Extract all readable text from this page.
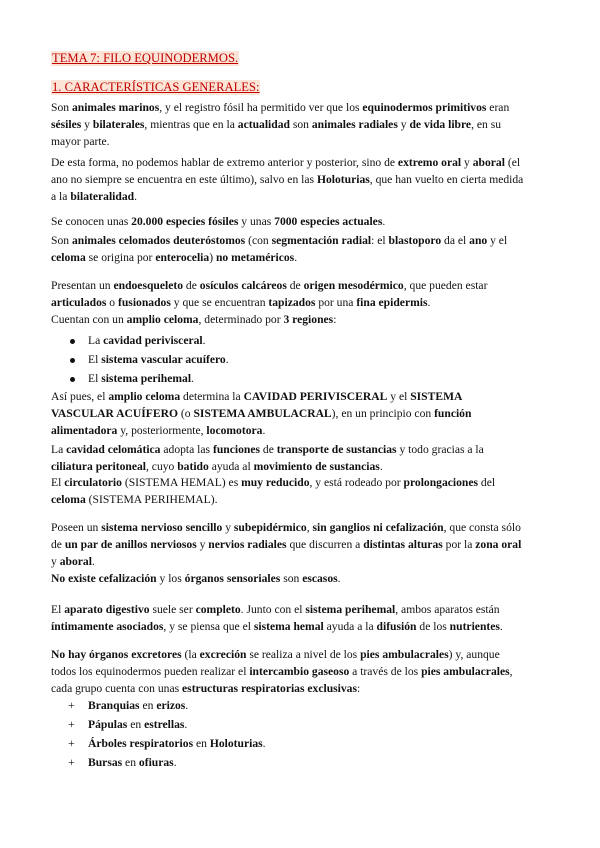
TEMA 7: FILO EQUINODERMOS.
1. CARACTERÍSTICAS GENERALES:
Son animales marinos, y el registro fósil ha permitido ver que los equinodermos primitivos eran
sésiles y bilaterales, mientras que en la actualidad son animales radiales y de vida libre, en su
mayor parte.
De esta forma, no podemos hablar de extremo anterior y posterior, sino de extremo oral y aboral (el
ano no siempre se encuentra en este último), salvo en las Holoturias, que han vuelto en cierta medida
a la bilateralidad.
Se conocen unas 20.000 especies fósiles y unas 7000 especies actuales.
Son animales celomados deuteróstomos (con segmentación radial: el blastoporo da el ano y el
celoma se origina por enterocelia) no metaméricos.
Presentan un endoesqueleto de osículos calcáreos de origen mesodérmico, que pueden estar
articulados o fusionados y que se encuentran tapizados por una fina epidermis.
Cuentan con un amplio celoma, determinado por 3 regiones:
Así pues, el amplio celoma determina la CAVIDAD PERIVISCERAL y el SISTEMA
VASCULAR ACUÍFERO (o SISTEMA AMBULACRAL), en un principio con función
alimentadora y, posteriormente, locomotora.
La cavidad celomática adopta las funciones de transporte de sustancias y todo gracias a la
ciliatura peritoneal, cuyo batido ayuda al movimiento de sustancias.
El circulatorio (SISTEMA HEMAL) es muy reducido, y está rodeado por prolongaciones del
celoma (SISTEMA PERIHEMAL).
Poseen un sistema nervioso sencillo y subepidérmico, sin ganglios ni cefalización, que consta sólo
de un par de anillos nerviosos y nervios radiales que discurren a distintas alturas por la zona oral
y aboral.
No existe cefalización y los órganos sensoriales son escasos.
El aparato digestivo suele ser completo. Junto con el sistema perihemal, ambos aparatos están
íntimamente asociados, y se piensa que el sistema hemal ayuda a la difusión de los nutrientes.
No hay órganos excretores (la excreción se realiza a nivel de los pies ambulacrales) y, aunque
todos los equinodermos pueden realizar el intercambio gaseoso a través de los pies ambulacrales,
cada grupo cuenta con unas estructuras respiratorias exclusivas:
La cavidad perivisceral.
El sistema vascular acuífero.
El sistema perihemal.
+ Branquias en erizos.
+ Pápulas en estrellas.
+ Árboles respiratorios en Holoturias.
+ Bursas en ofiuras.
